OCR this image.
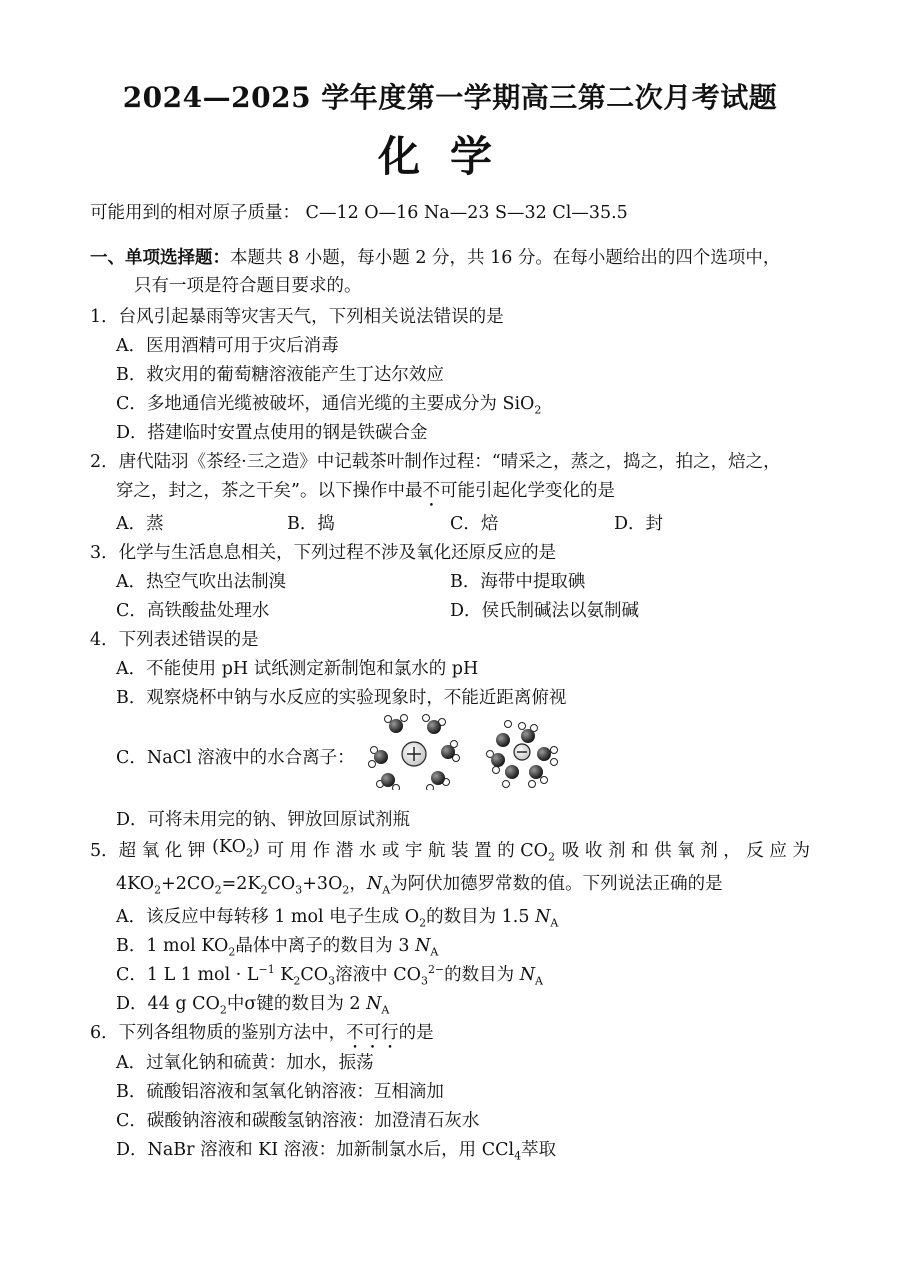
2024—2025 学年度第一学期高三第二次月考试题
化学
可能用到的相对原子质量： C—12 O—16 Na—23 S—32 Cl—35.5
一、单项选择题：本题共 8 小题，每小题 2 分，共 16 分。在每小题给出的四个选项中，
只有一项是符合题目要求的。
1．台风引起暴雨等灾害天气，下列相关说法错误的是
A．医用酒精可用于灾后消毒
B．救灾用的葡萄糖溶液能产生丁达尔效应
C．多地通信光缆被破坏，通信光缆的主要成分为 SiO$_2$
D．搭建临时安置点使用的钢是铁碳合金
2．唐代陆羽《茶经·三之造》中记载茶叶制作过程：“晴采之，蒸之，捣之，拍之，焙之，
穿之，封之，茶之干矣”。以下操作中最不可能引起化学变化的是
A．蒸	B．捣	C．焙	D．封
3．化学与生活息息相关，下列过程不涉及氧化还原反应的是
A．热空气吹出法制溴	B．海带中提取碘
C．高铁酸盐处理水	D．侯氏制碱法以氨制碱
4．下列表述错误的是
A．不能使用 pH 试纸测定新制饱和氯水的 pH
B．观察烧杯中钠与水反应的实验现象时，不能近距离俯视
C．NaCl 溶液中的水合离子：
D．可将未用完的钠、钾放回原试剂瓶
5．超 氧 化 钾 $(KO_2)$ 可 用 作 潜 水 或 宇 航 装 置 的 $CO_2$ 吸 收 剂 和 供 氧 剂 ， 反 应 为
$4KO_2+2CO_2=2K_2CO_3+3O_2$，$N_A$为阿伏加德罗常数的值。下列说法正确的是
A．该反应中每转移 1 mol 电子生成 $O_2$的数目为 1.5 $N_A$
B．1 mol $KO_2$晶体中离子的数目为 3 $N_A$
C．1 L 1 mol · $L^{-1}$ $K_2CO_3$溶液中 $CO_3^{2-}$的数目为 $N_A$
D．44 g $CO_2$中σ键的数目为 2 $N_A$
6．下列各组物质的鉴别方法中，不可行的是
A．过氧化钠和硫黄：加水，振荡
B．硫酸铝溶液和氢氧化钠溶液：互相滴加
C．碳酸钠溶液和碳酸氢钠溶液：加澄清石灰水
D．NaBr 溶液和 KI 溶液：加新制氯水后，用 CCl$_4$萃取
